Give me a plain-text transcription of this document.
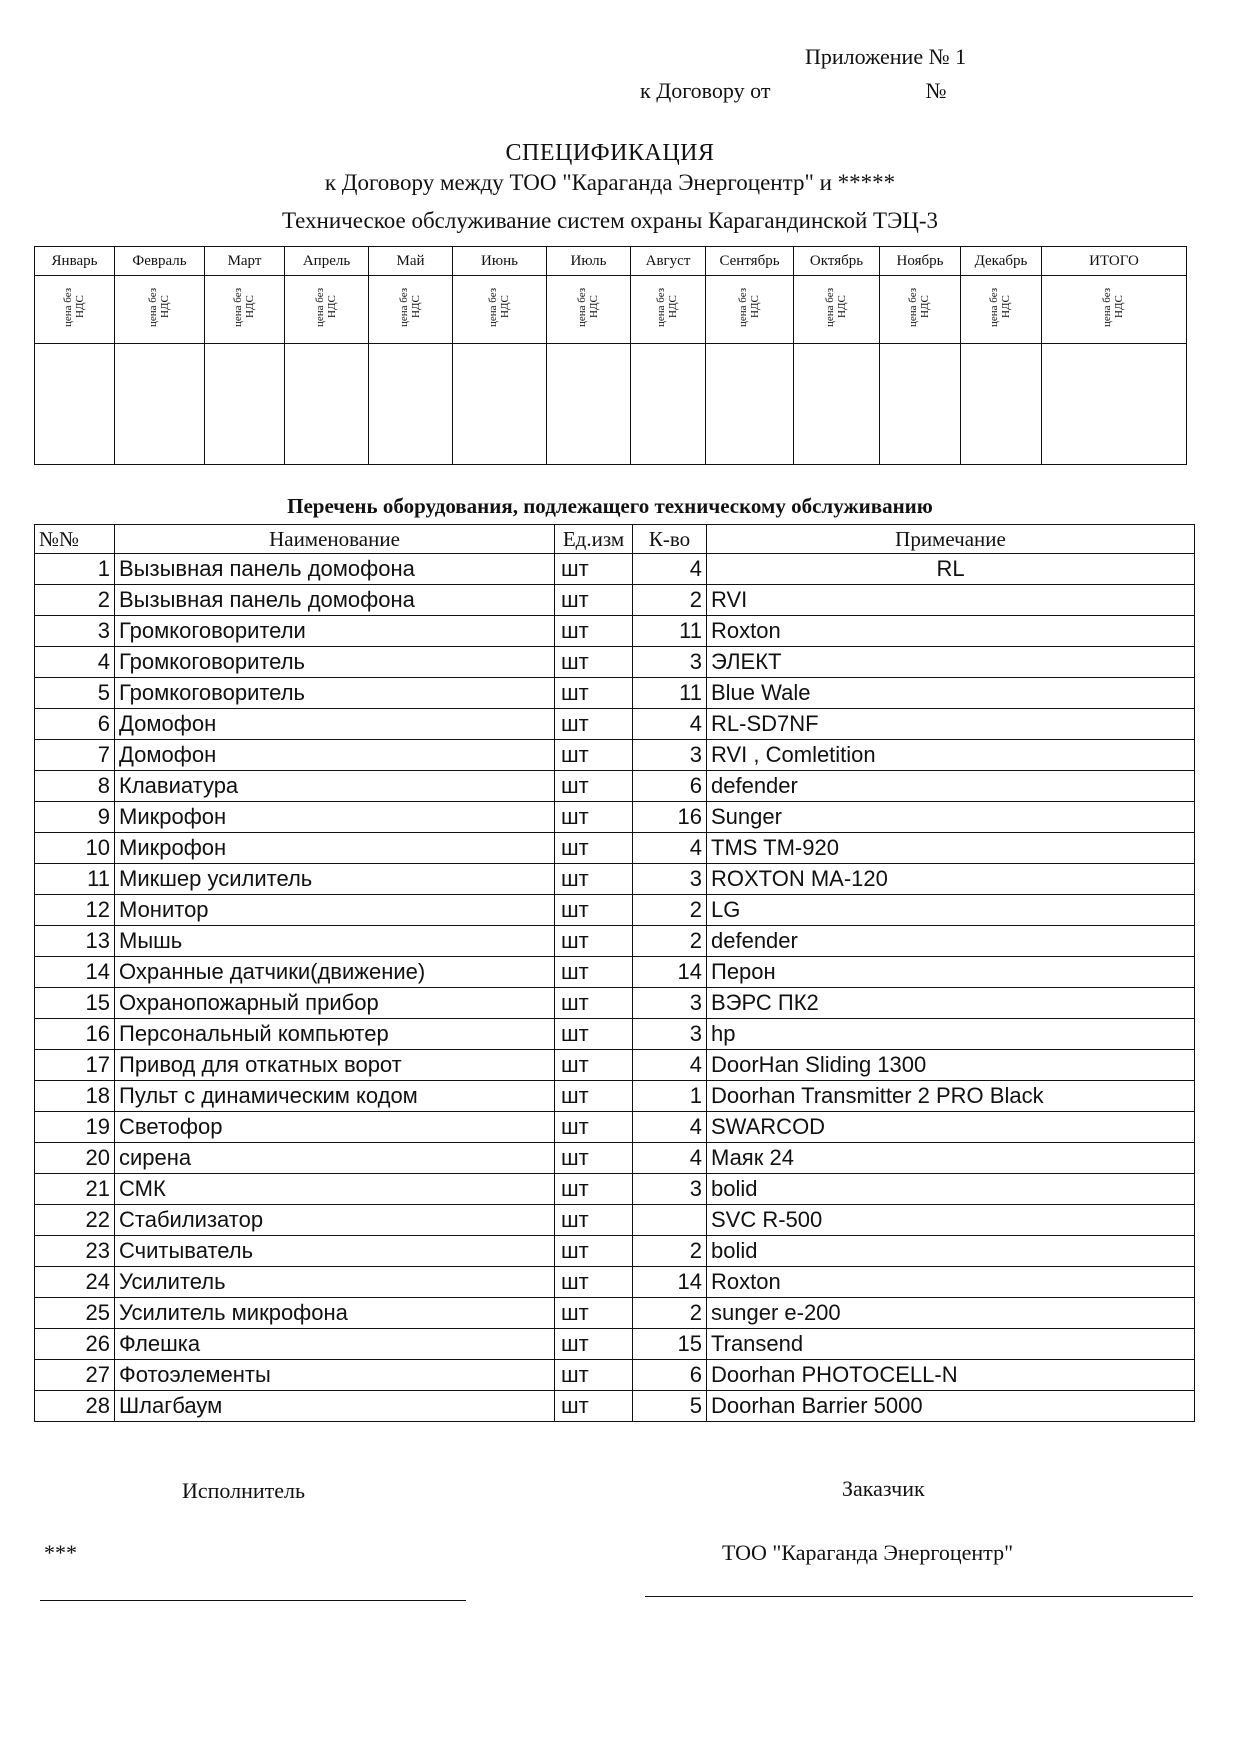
Приложение № 1
к Договору от	№
СПЕЦИФИКАЦИЯ
к Договору между ТОО "Караганда Энергоцентр" и *****
Техническое обслуживание систем охраны Карагандинской ТЭЦ-3
Январь	Февраль	Март	Апрель	Май	Июнь	Июль	Август	Сентябрь	Октябрь	Ноябрь	Декабрь	ИТОГО
цена без НДС	цена без НДС	цена без НДС	цена без НДС	цена без НДС	цена без НДС	цена без НДС	цена без НДС	цена без НДС	цена без НДС	цена без НДС	цена без НДС	цена без НДС

Перечень оборудования, подлежащего техническому обслуживанию
№№	Наименование	Ед.изм	К-во	Примечание
1	Вызывная панель домофона	шт	4	RL
2	Вызывная панель домофона	шт	2	RVI
3	Громкоговорители	шт	11	Roxton
4	Громкоговоритель	шт	3	ЭЛЕКТ
5	Громкоговоритель	шт	11	Blue Wale
6	Домофон	шт	4	RL-SD7NF
7	Домофон	шт	3	RVI , Comletition
8	Клавиатура	шт	6	defender
9	Микрофон	шт	16	Sunger
10	Микрофон	шт	4	TMS TM-920
11	Микшер усилитель	шт	3	ROXTON MA-120
12	Монитор	шт	2	LG
13	Мышь	шт	2	defender
14	Охранные датчики(движение)	шт	14	Перон
15	Охранопожарный прибор	шт	3	ВЭРС ПК2
16	Персональный компьютер	шт	3	hp
17	Привод для откатных ворот	шт	4	DoorHan Sliding 1300
18	Пульт с динамическим кодом	шт	1	Doorhan Transmitter 2 PRO Black
19	Светофор	шт	4	SWARCOD
20	сирена	шт	4	Маяк 24
21	СМК	шт	3	bolid
22	Стабилизатор	шт		SVC R-500
23	Считыватель	шт	2	bolid
24	Усилитель	шт	14	Roxton
25	Усилитель микрофона	шт	2	sunger e-200
26	Флешка	шт	15	Transend
27	Фотоэлементы	шт	6	Doorhan PHOTOCELL-N
28	Шлагбаум	шт	5	Doorhan Barrier 5000
Исполнитель	Заказчик
***	ТОО "Караганда Энергоцентр"
